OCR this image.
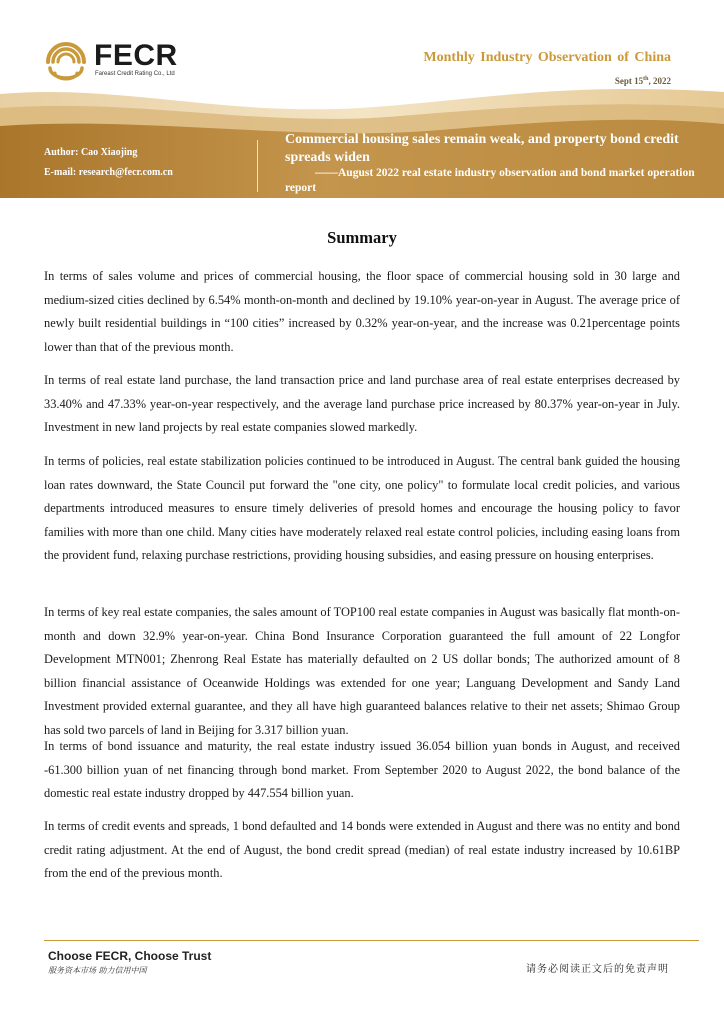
FECR
Fareast Credit Rating Co., Ltd
Monthly Industry Observation of China
Sept 15th, 2022
Author: Cao Xiaojing
E-mail: research@fecr.com.cn
Commercial housing sales remain weak, and property bond credit spreads widen
——August 2022 real estate industry observation and bond market operation report
Summary

In terms of sales volume and prices of commercial housing, the floor space of commercial housing sold in 30 large and medium-sized cities declined by 6.54% month-on-month and declined by 19.10% year-on-year in August. The average price of newly built residential buildings in “100 cities” increased by 0.32% year-on-year, and the increase was 0.21percentage points lower than that of the previous month.

In terms of real estate land purchase, the land transaction price and land purchase area of real estate enterprises decreased by 33.40% and 47.33% year-on-year respectively, and the average land purchase price increased by 80.37% year-on-year in July. Investment in new land projects by real estate companies slowed markedly.

In terms of policies, real estate stabilization policies continued to be introduced in August. The central bank guided the housing loan rates downward, the State Council put forward the "one city, one policy" to formulate local credit policies, and various departments introduced measures to ensure timely deliveries of presold homes and encourage the housing policy to favor families with more than one child. Many cities have moderately relaxed real estate control policies, including easing loans from the provident fund, relaxing purchase restrictions, providing housing subsidies, and easing pressure on housing enterprises.

In terms of key real estate companies, the sales amount of TOP100 real estate companies in August was basically flat month-on-month and down 32.9% year-on-year. China Bond Insurance Corporation guaranteed the full amount of 22 Longfor Development MTN001; Zhenrong Real Estate has materially defaulted on 2 US dollar bonds; The authorized amount of 8 billion financial assistance of Oceanwide Holdings was extended for one year; Languang Development and Sandy Land Investment provided external guarantee, and they all have high guaranteed balances relative to their net assets; Shimao Group has sold two parcels of land in Beijing for 3.317 billion yuan.

In terms of bond issuance and maturity, the real estate industry issued 36.054 billion yuan bonds in August, and received -61.300 billion yuan of net financing through bond market. From September 2020 to August 2022, the bond balance of the domestic real estate industry dropped by 447.554 billion yuan.

In terms of credit events and spreads, 1 bond defaulted and 14 bonds were extended in August and there was no entity and bond credit rating adjustment. At the end of August, the bond credit spread (median) of real estate industry increased by 10.61BP from the end of the previous month.

Choose FECR, Choose Trust
服务资本市场 助力信用中国	请务必阅读正文后的免责声明
